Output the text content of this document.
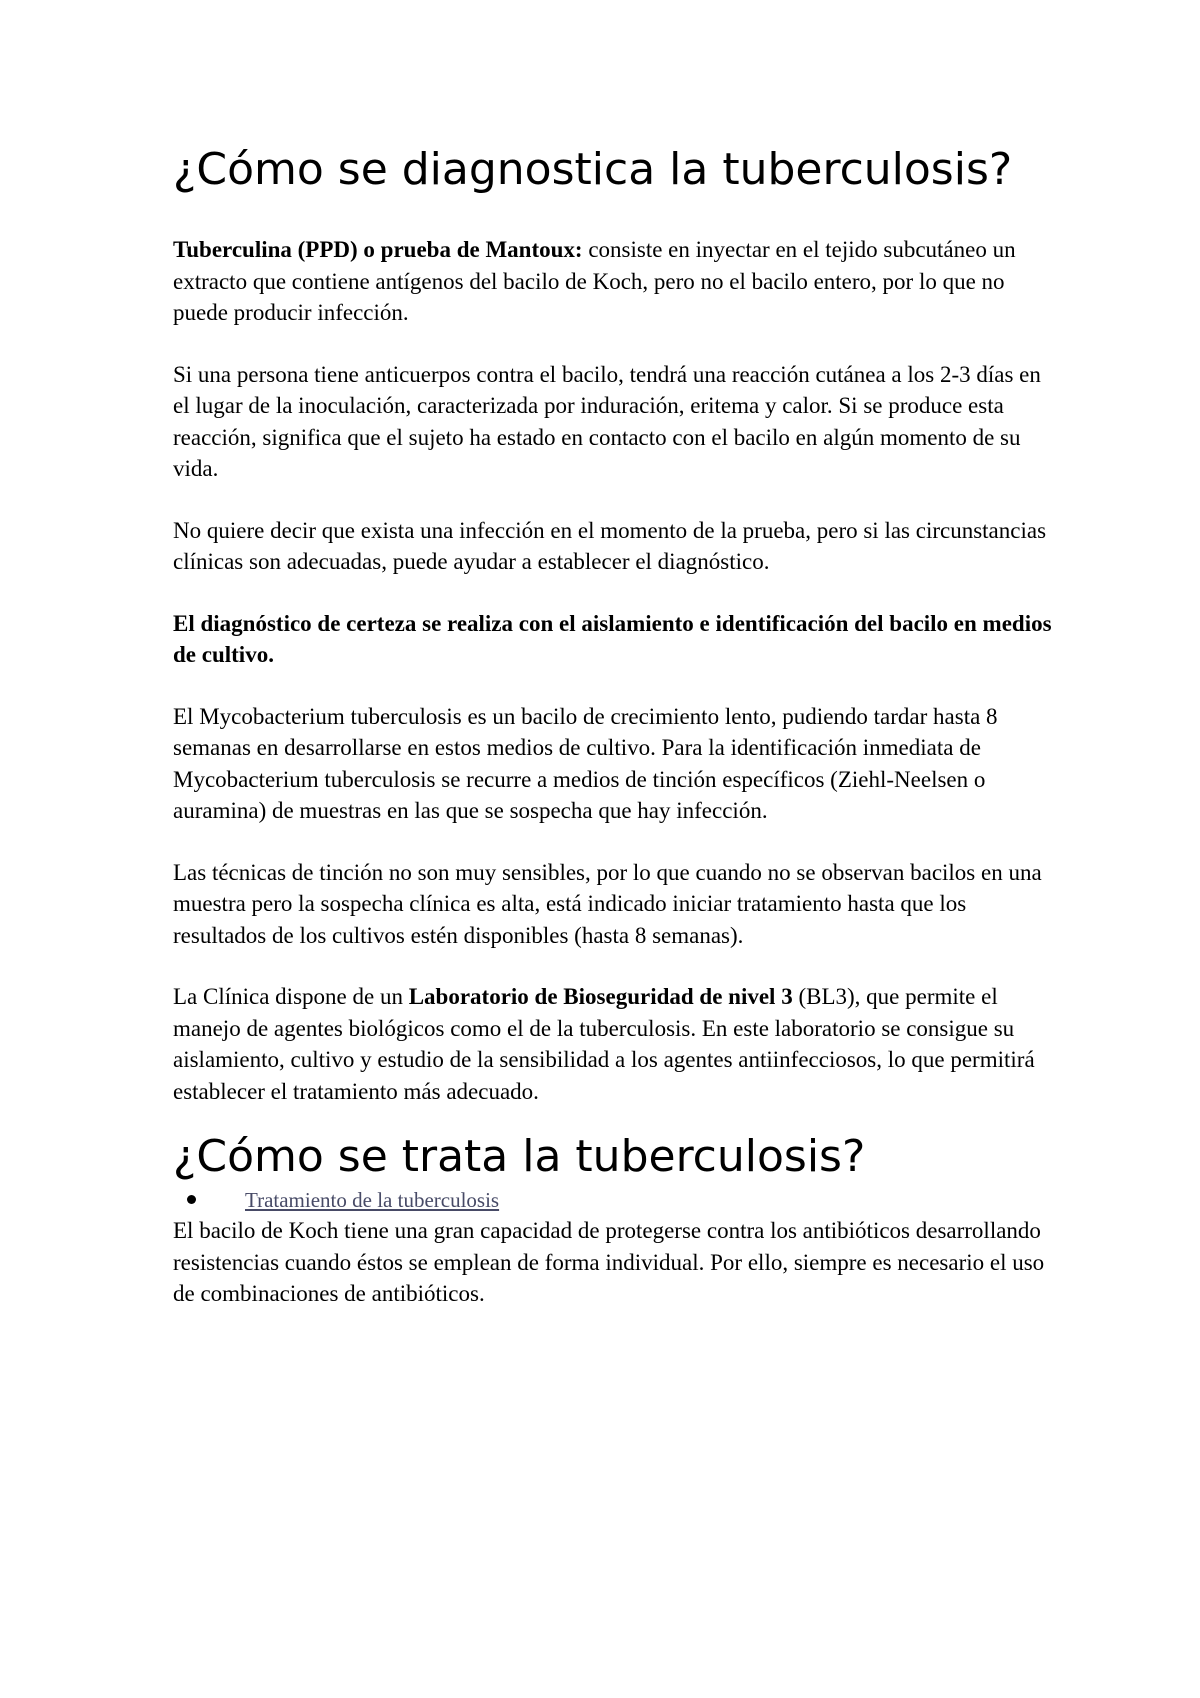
¿Cómo se diagnostica la tuberculosis?

Tuberculina (PPD) o prueba de Mantoux: consiste en inyectar en el tejido subcutáneo un extracto que contiene antígenos del bacilo de Koch, pero no el bacilo entero, por lo que no puede producir infección.

Si una persona tiene anticuerpos contra el bacilo, tendrá una reacción cutánea a los 2-3 días en el lugar de la inoculación, caracterizada por induración, eritema y calor. Si se produce esta reacción, significa que el sujeto ha estado en contacto con el bacilo en algún momento de su vida.

No quiere decir que exista una infección en el momento de la prueba, pero si las circunstancias clínicas son adecuadas, puede ayudar a establecer el diagnóstico.

El diagnóstico de certeza se realiza con el aislamiento e identificación del bacilo en medios de cultivo.

El Mycobacterium tuberculosis es un bacilo de crecimiento lento, pudiendo tardar hasta 8 semanas en desarrollarse en estos medios de cultivo. Para la identificación inmediata de Mycobacterium tuberculosis se recurre a medios de tinción específicos (Ziehl-Neelsen o auramina) de muestras en las que se sospecha que hay infección.

Las técnicas de tinción no son muy sensibles, por lo que cuando no se observan bacilos en una muestra pero la sospecha clínica es alta, está indicado iniciar tratamiento hasta que los resultados de los cultivos estén disponibles (hasta 8 semanas).

La Clínica dispone de un Laboratorio de Bioseguridad de nivel 3 (BL3), que permite el manejo de agentes biológicos como el de la tuberculosis. En este laboratorio se consigue su aislamiento, cultivo y estudio de la sensibilidad a los agentes antiinfecciosos, lo que permitirá establecer el tratamiento más adecuado.

¿Cómo se trata la tuberculosis?
Tratamiento de la tuberculosis

El bacilo de Koch tiene una gran capacidad de protegerse contra los antibióticos desarrollando resistencias cuando éstos se emplean de forma individual. Por ello, siempre es necesario el uso de combinaciones de antibióticos.
